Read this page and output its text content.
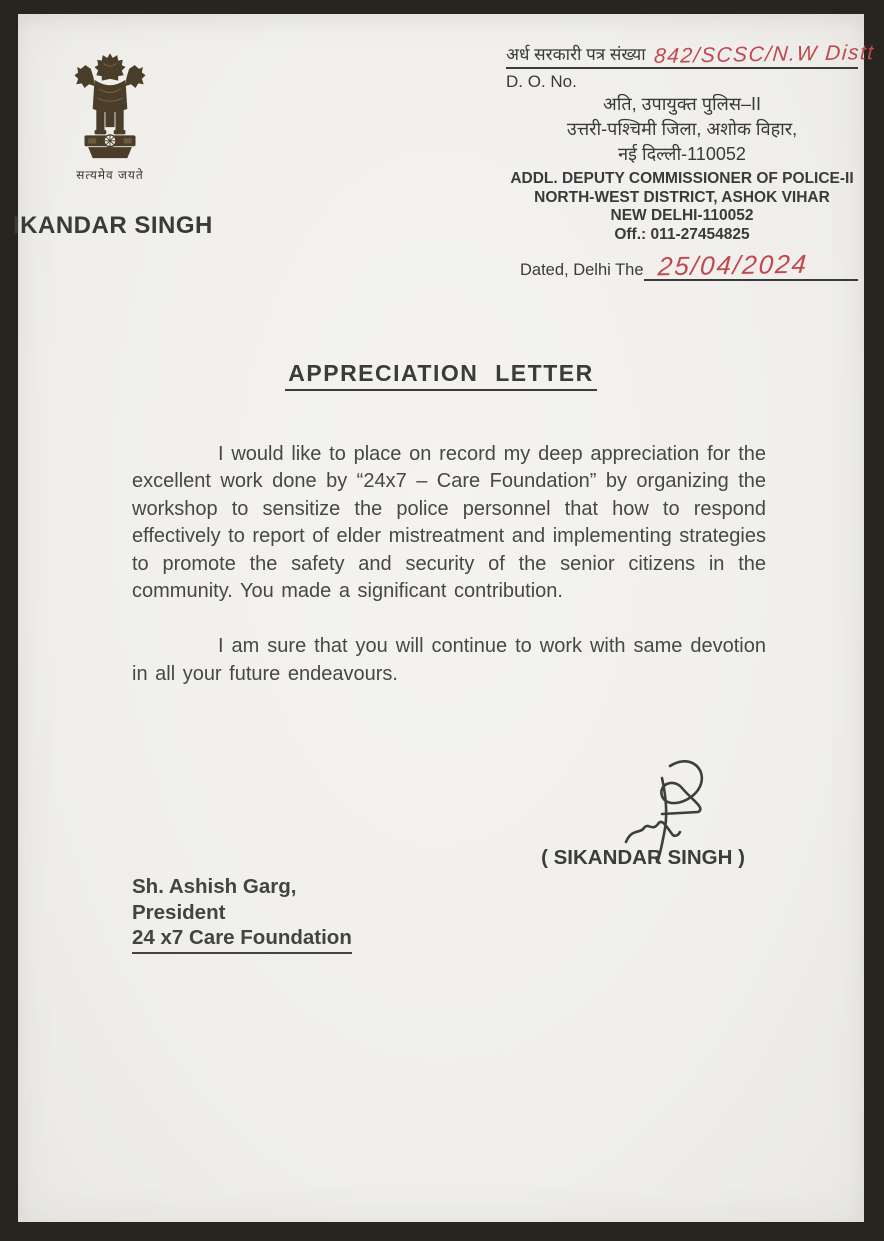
सत्यमेव जयते
IKANDAR SINGH
अर्ध सरकारी पत्र संख्या 842/SCSC/N.W Distt
D. O. No.
अति, उपायुक्त पुलिस–II
उत्तरी-पश्चिमी जिला, अशोक विहार,
नई दिल्ली-110052
ADDL. DEPUTY COMMISSIONER OF POLICE-II
NORTH-WEST DISTRICT, ASHOK VIHAR
NEW DELHI-110052
Off.: 011-27454825
Dated, Delhi The 25/04/2024
APPRECIATION LETTER

I would like to place on record my deep appreciation for the excellent work done by “24x7 – Care Foundation” by organizing the workshop to sensitize the police personnel that how to respond effectively to report of elder mistreatment and implementing strategies to promote the safety and security of the senior citizens in the community. You made a significant contribution.

I am sure that you will continue to work with same devotion in all your future endeavours.

( SIKANDAR SINGH )
Sh. Ashish Garg,
President
24 x7 Care Foundation
